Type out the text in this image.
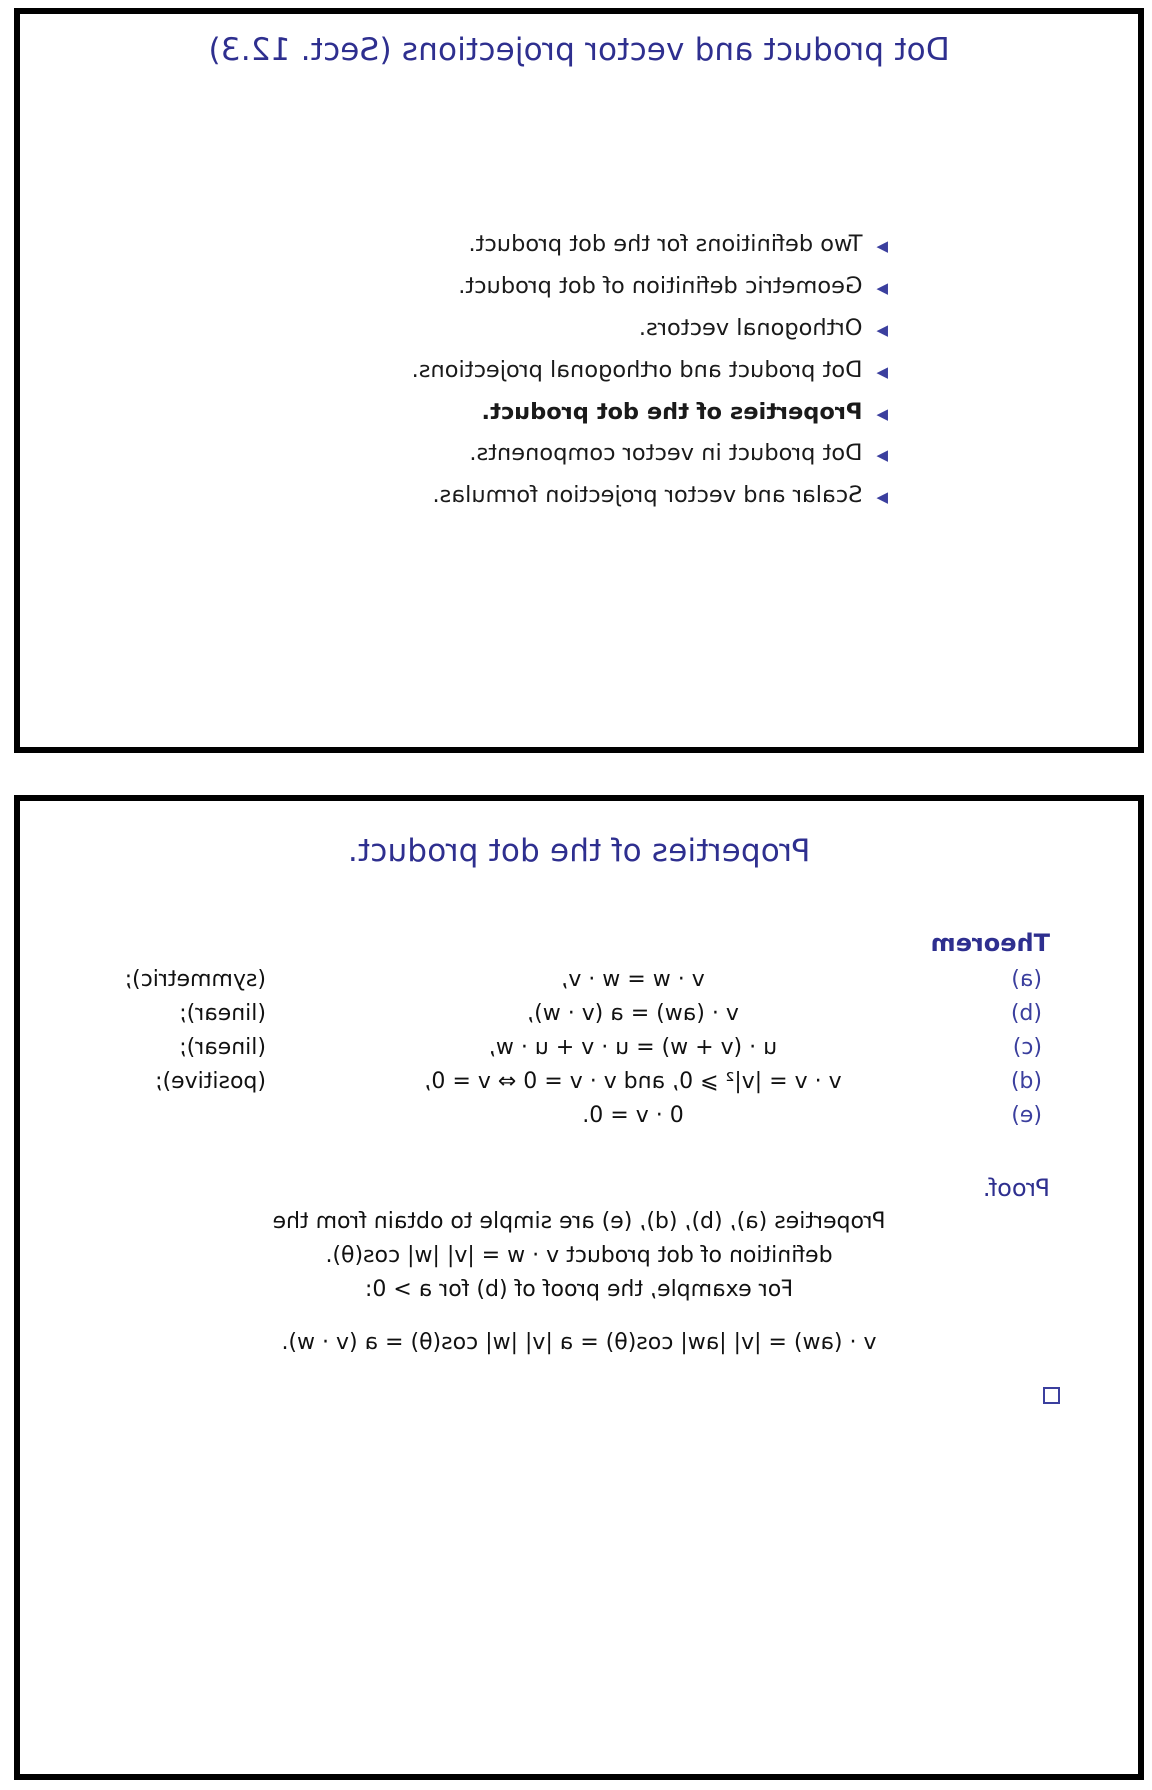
Dot product and vector projections (Sect. 12.3)
▶
Two definitions for the dot product.
▶
Geometric definition of dot product.
▶
Orthogonal vectors.
▶
Dot product and orthogonal projections.
▶
Properties of the dot product.
▶
Dot product in vector components.
▶
Scalar and vector projection formulas.
Properties of the dot product.
Theorem
(a)
v · w = w · v,
(symmetric);
(b)
v · (aw) = a (v · w),
(linear);
(c)
u · (v + w) = u · v + u · w,
(linear);
(d)
v · v = |v|² ⩾ 0, and v · v = 0 ⇔ v = 0,
(positive);
(e)
0 · v = 0.
Proof.

Properties (a), (b), (d), (e) are simple to obtain from the

definition of dot product v · w = |v| |w| cos(θ).

For example, the proof of (b) for a > 0:

v · (aw) = |v| |aw| cos(θ) = a |v| |w| cos(θ) = a (v · w).
